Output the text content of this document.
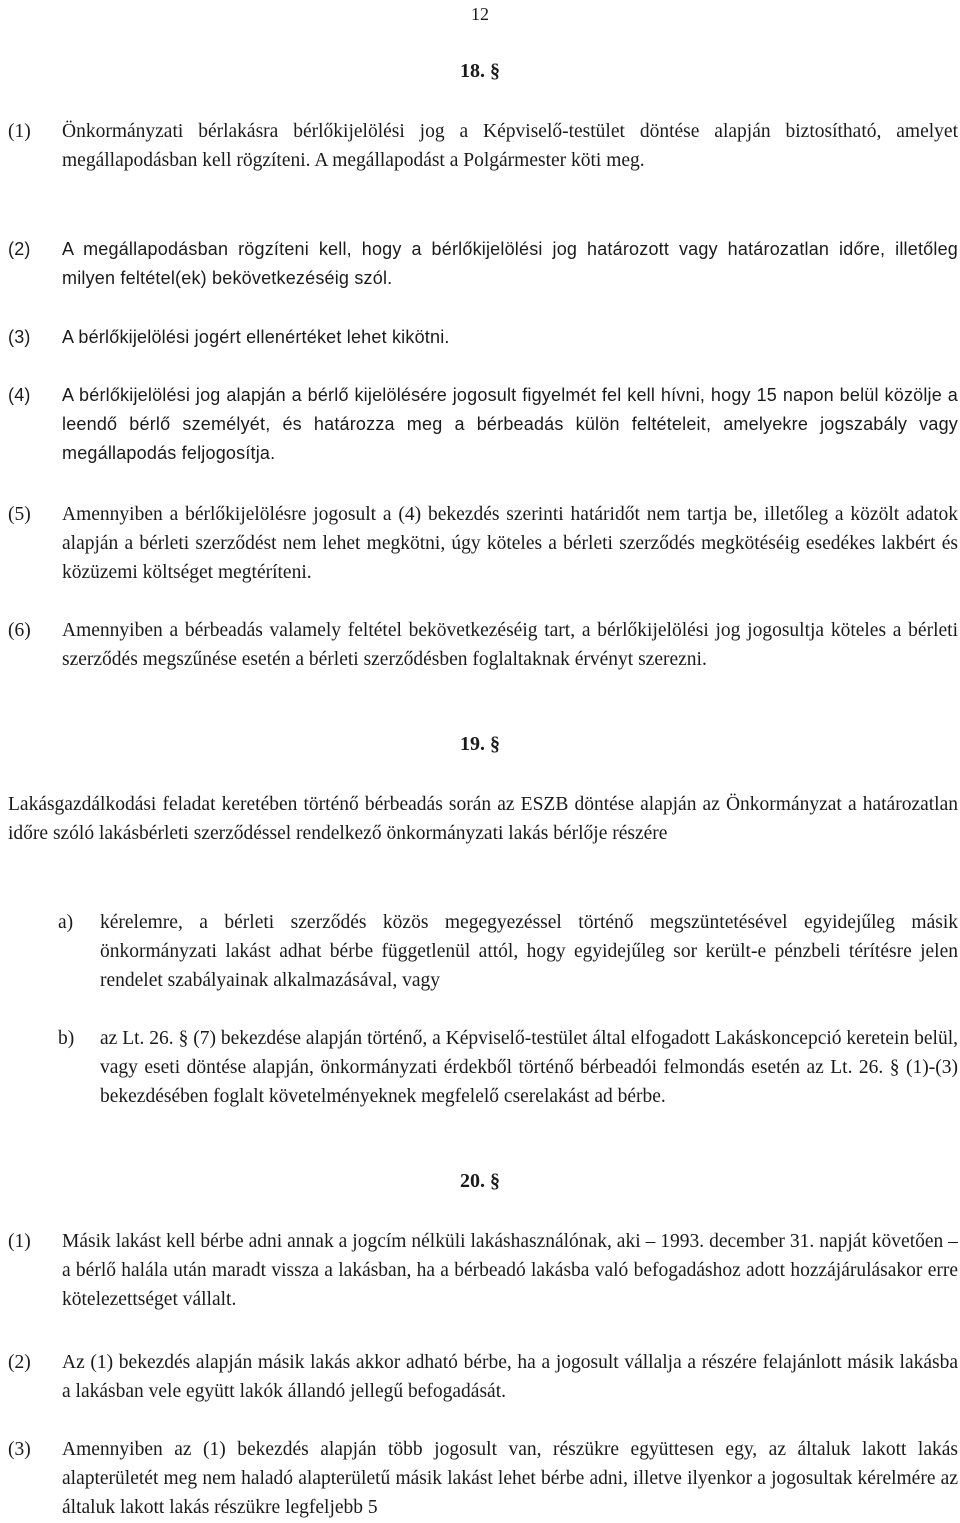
12
18. §
(1) Önkormányzati bérlakásra bérlőkijelölési jog a Képviselő-testület döntése alapján biztosítható, amelyet megállapodásban kell rögzíteni. A megállapodást a Polgármester köti meg.
(2) A megállapodásban rögzíteni kell, hogy a bérlőkijelölési jog határozott vagy határozatlan időre, illetőleg milyen feltétel(ek) bekövetkezéséig szól.
(3) A bérlőkijelölési jogért ellenértéket lehet kikötni.
(4) A bérlőkijelölési jog alapján a bérlő kijelölésére jogosult figyelmét fel kell hívni, hogy 15 napon belül közölje a leendő bérlő személyét, és határozza meg a bérbeadás külön feltételeit, amelyekre jogszabály vagy megállapodás feljogosítja.
(5) Amennyiben a bérlőkijelölésre jogosult a (4) bekezdés szerinti határidőt nem tartja be, illetőleg a közölt adatok alapján a bérleti szerződést nem lehet megkötni, úgy köteles a bérleti szerződés megkötéséig esedékes lakbért és közüzemi költséget megtéríteni.
(6) Amennyiben a bérbeadás valamely feltétel bekövetkezéséig tart, a bérlőkijelölési jog jogosultja köteles a bérleti szerződés megszűnése esetén a bérleti szerződésben foglaltaknak érvényt szerezni.
19. §
Lakásgazdálkodási feladat keretében történő bérbeadás során az ESZB döntése alapján az Önkormányzat a határozatlan időre szóló lakásbérleti szerződéssel rendelkező önkormányzati lakás bérlője részére
a) kérelemre, a bérleti szerződés közös megegyezéssel történő megszüntetésével egyidejűleg másik önkormányzati lakást adhat bérbe függetlenül attól, hogy egyidejűleg sor került-e pénzbeli térítésre jelen rendelet szabályainak alkalmazásával, vagy
b) az Lt. 26. § (7) bekezdése alapján történő, a Képviselő-testület által elfogadott Lakáskoncepció keretein belül, vagy eseti döntése alapján, önkormányzati érdekből történő bérbeadói felmondás esetén az Lt. 26. § (1)-(3) bekezdésében foglalt követelményeknek megfelelő cserelakást ad bérbe.
20. §
(1) Másik lakást kell bérbe adni annak a jogcím nélküli lakáshasználónak, aki – 1993. december 31. napját követően – a bérlő halála után maradt vissza a lakásban, ha a bérbeadó lakásba való befogadáshoz adott hozzájárulásakor erre kötelezettséget vállalt.
(2) Az (1) bekezdés alapján másik lakás akkor adható bérbe, ha a jogosult vállalja a részére felajánlott másik lakásba a lakásban vele együtt lakók állandó jellegű befogadását.
(3) Amennyiben az (1) bekezdés alapján több jogosult van, részükre együttesen egy, az általuk lakott lakás alapterületét meg nem haladó alapterületű másik lakást lehet bérbe adni, illetve ilyenkor a jogosultak kérelmére az általuk lakott lakás részükre legfeljebb 5
